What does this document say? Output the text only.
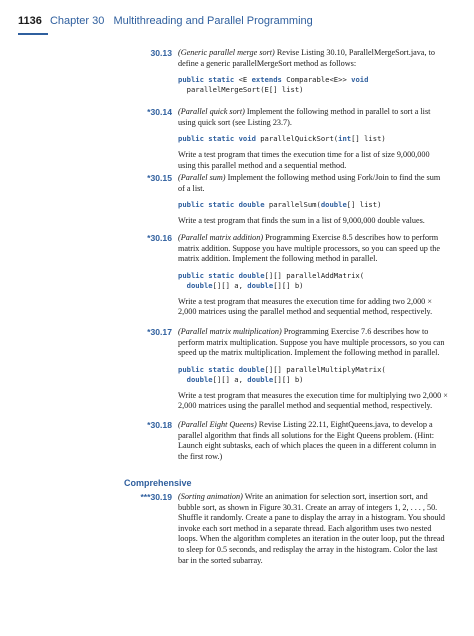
1136 Chapter 30 Multithreading and Parallel Programming
30.13 (Generic parallel merge sort) Revise Listing 30.10, ParallelMergeSort.java, to define a generic parallelMergeSort method as follows:
public static <E extends Comparable<E>> void
parallelMergeSort(E[] list)
*30.14 (Parallel quick sort) Implement the following method in parallel to sort a list using quick sort (see Listing 23.7).
public static void parallelQuickSort(int[] list)
Write a test program that times the execution time for a list of size 9,000,000 using this parallel method and a sequential method.
*30.15 (Parallel sum) Implement the following method using Fork/Join to find the sum of a list.
public static double parallelSum(double[] list)
Write a test program that finds the sum in a list of 9,000,000 double values.
*30.16 (Parallel matrix addition) Programming Exercise 8.5 describes how to perform matrix addition. Suppose you have multiple processors, so you can speed up the matrix addition. Implement the following method in parallel.
public static double[][] parallelAddMatrix(
double[][] a, double[][] b)
Write a test program that measures the execution time for adding two 2,000 × 2,000 matrices using the parallel method and sequential method, respectively.
*30.17 (Parallel matrix multiplication) Programming Exercise 7.6 describes how to perform matrix multiplication. Suppose you have multiple processors, so you can speed up the matrix multiplication. Implement the following method in parallel.
public static double[][] parallelMultiplyMatrix(
double[][] a, double[][] b)
Write a test program that measures the execution time for multiplying two 2,000 × 2,000 matrices using the parallel method and sequential method, respectively.
*30.18 (Parallel Eight Queens) Revise Listing 22.11, EightQueens.java, to develop a parallel algorithm that finds all solutions for the Eight Queens problem. (Hint: Launch eight subtasks, each of which places the queen in a different column in the first row.)
Comprehensive
***30.19 (Sorting animation) Write an animation for selection sort, insertion sort, and bubble sort, as shown in Figure 30.31. Create an array of integers 1, 2, . . . , 50. Shuffle it randomly. Create a pane to display the array in a histogram. You should invoke each sort method in a separate thread. Each algorithm uses two nested loops. When the algorithm completes an iteration in the outer loop, put the thread to sleep for 0.5 seconds, and redisplay the array in the histogram. Color the last bar in the sorted subarray.
